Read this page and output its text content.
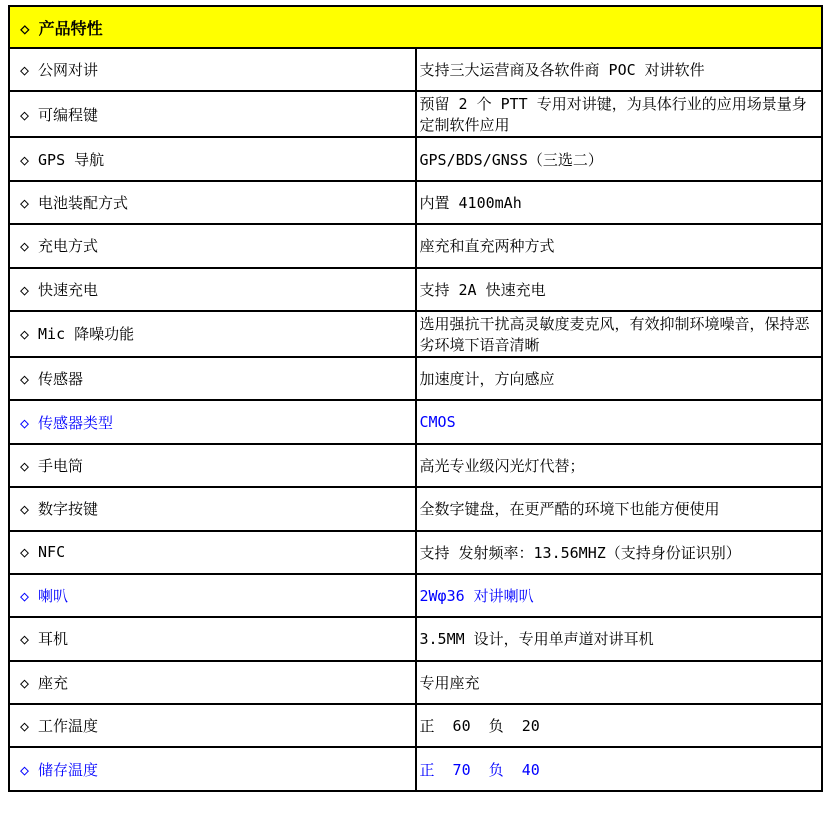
◇ 产品特性	
◇ 公网对讲	支持三大运营商及各软件商 POC 对讲软件
◇ 可编程键	预留 2 个 PTT 专用对讲键，为具体行业的应用场景量身定制软件应用
◇ GPS 导航	GPS/BDS/GNSS（三选二）
◇ 电池装配方式	内置 4100mAh
◇ 充电方式	座充和直充两种方式
◇ 快速充电	支持 2A 快速充电
◇ Mic 降噪功能	选用强抗干扰高灵敏度麦克风，有效抑制环境噪音，保持恶劣环境下语音清晰
◇ 传感器	加速度计，方向感应
◇ 传感器类型	CMOS
◇ 手电筒	高光专业级闪光灯代替；
◇ 数字按键	全数字键盘，在更严酷的环境下也能方便使用
◇ NFC	支持 发射频率：13.56MHZ（支持身份证识别）
◇ 喇叭	2Wφ36 对讲喇叭
◇ 耳机	3.5MM 设计，专用单声道对讲耳机
◇ 座充	专用座充
◇ 工作温度	正  60  负  20
◇ 储存温度	正  70  负  40
